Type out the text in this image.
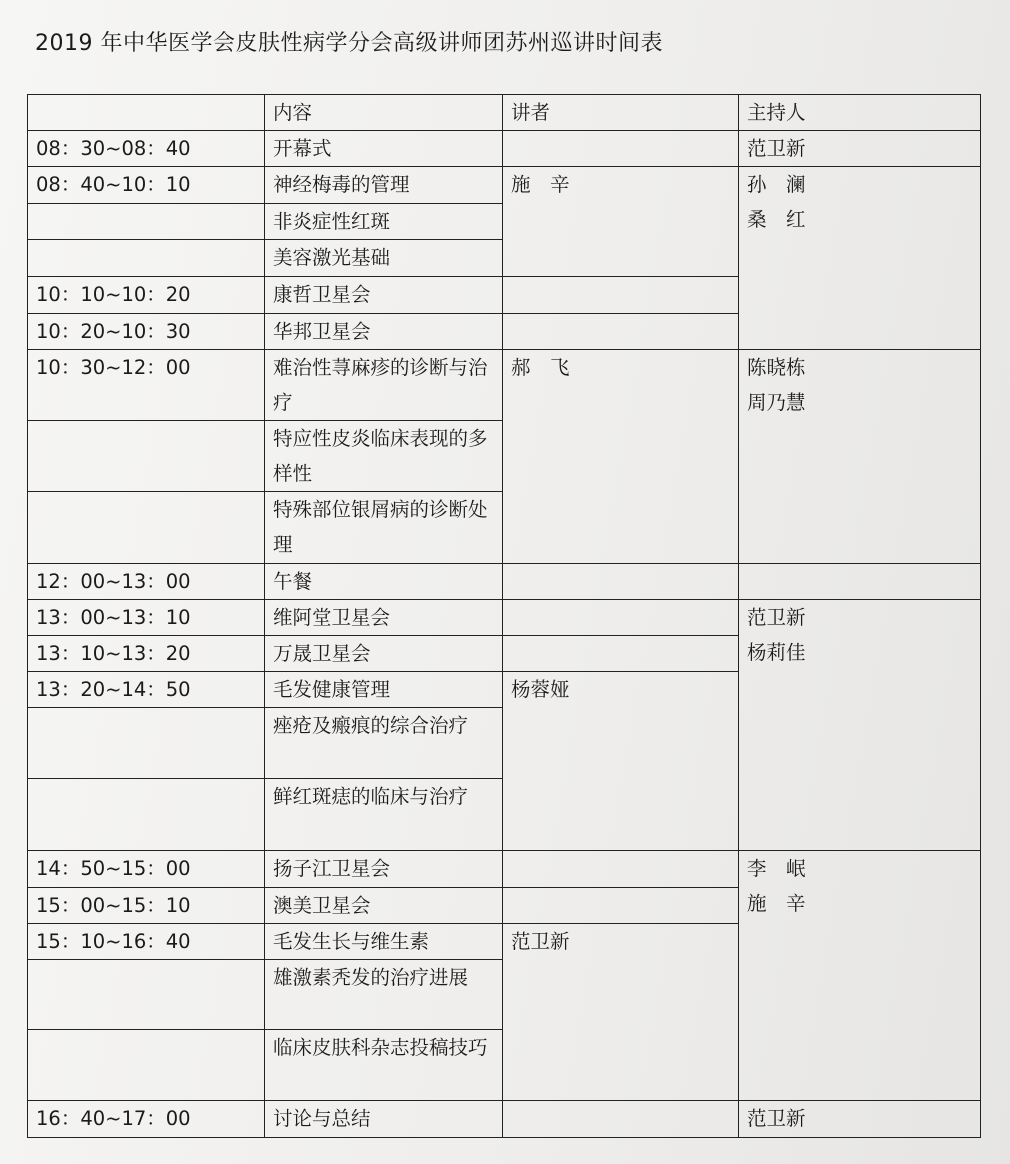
2019 年中华医学会皮肤性病学分会高级讲师团苏州巡讲时间表
	内容	讲者	主持人
08：30~08：40	开幕式		范卫新

08：40~10：10	神经梅毒的管理	施　辛	孙　澜
桑　红

	非炎症性红斑		
	美容激光基础		
10：10~10：20	康哲卫星会		
10：20~10：30	华邦卫星会		
10：30~12：00	难治性荨麻疹的诊断与治疗	郝　飞	陈晓栋
周乃慧

	特应性皮炎临床表现的多样性		
	特殊部位银屑病的诊断处理		
12：00~13：00	午餐		
13：00~13：10	维阿堂卫星会		范卫新
杨莉佳

13：10~13：20	万晟卫星会		
13：20~14：50	毛发健康管理	杨蓉娅	
	痤疮及瘢痕的综合治疗		
	鲜红斑痣的临床与治疗		
14：50~15：00	扬子江卫星会		李　岷
施　辛

15：00~15：10	澳美卫星会		
15：10~16：40	毛发生长与维生素	范卫新	
	雄激素秃发的治疗进展		
	临床皮肤科杂志投稿技巧		
16：40~17：00	讨论与总结		范卫新
